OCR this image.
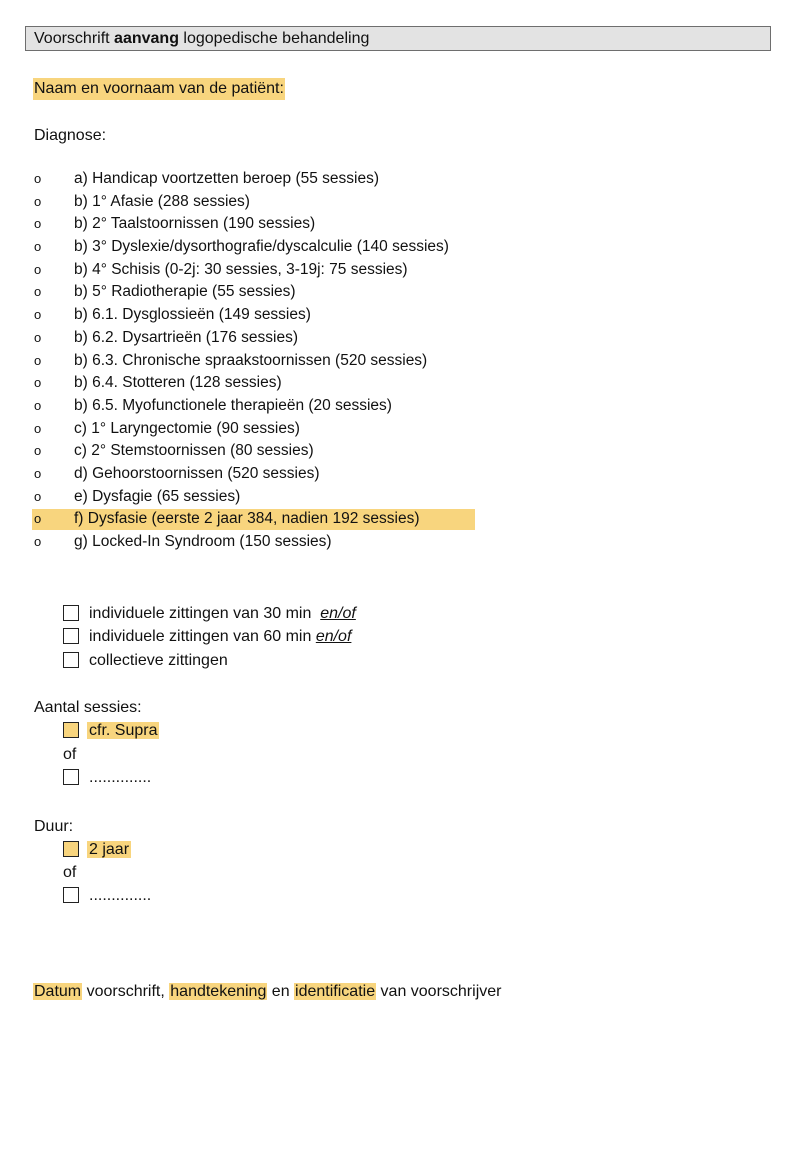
Voorschrift aanvang logopedische behandeling
Naam en voornaam van de patiënt:
Diagnose:
o	a) Handicap voortzetten beroep (55 sessies)
o	b) 1° Afasie (288 sessies)
o	b) 2° Taalstoornissen (190 sessies)
o	b) 3° Dyslexie/dysorthografie/dyscalculie (140 sessies)
o	b) 4° Schisis (0-2j: 30 sessies, 3-19j: 75 sessies)
o	b) 5° Radiotherapie (55 sessies)
o	b) 6.1. Dysglossieën (149 sessies)
o	b) 6.2. Dysartrieën (176 sessies)
o	b) 6.3. Chronische spraakstoornissen (520 sessies)
o	b) 6.4. Stotteren (128 sessies)
o	b) 6.5. Myofunctionele therapieën (20 sessies)
o	c) 1° Laryngectomie (90 sessies)
o	c) 2° Stemstoornissen (80 sessies)
o	d) Gehoorstoornissen (520 sessies)
o	e) Dysfagie (65 sessies)
o	f) Dysfasie (eerste 2 jaar 384, nadien 192 sessies)
o	g) Locked-In Syndroom (150 sessies)
individuele zittingen van 30 min en/of
individuele zittingen van 60 min en/of
collectieve zittingen
Aantal sessies:
cfr. Supra
of
..............
Duur:
2 jaar
of
..............
Datum voorschrift, handtekening en identificatie van voorschrijver
